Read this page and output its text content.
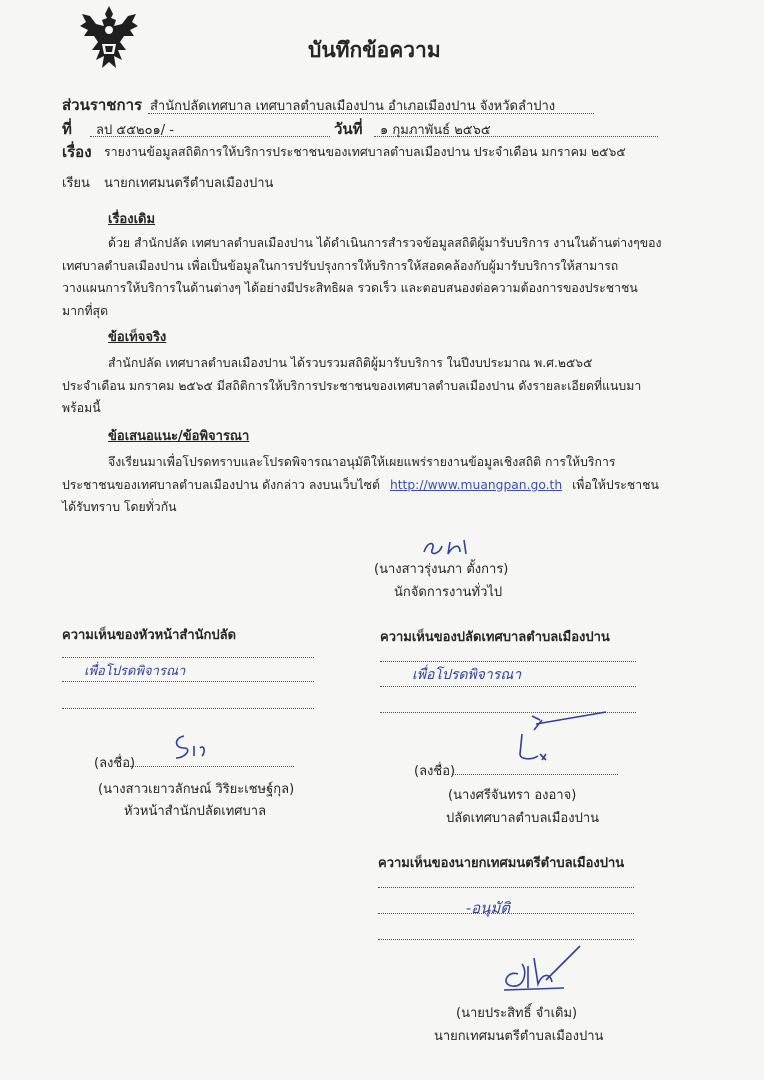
บันทึกข้อความ
ส่วนราชการ สำนักปลัดเทศบาล เทศบาลตำบลเมืองปาน อำเภอเมืองปาน จังหวัดลำปาง
ที่ ลป ๕๕๒๐๑/ -	วันที่ ๑ กุมภาพันธ์ ๒๕๖๕
เรื่อง รายงานข้อมูลสถิติการให้บริการประชาชนของเทศบาลตำบลเมืองปาน ประจำเดือน มกราคม ๒๕๖๕
เรียน นายกเทศมนตรีตำบลเมืองปาน
เรื่องเดิม
ด้วย สำนักปลัด เทศบาลตำบลเมืองปาน ได้ดำเนินการสำรวจข้อมูลสถิติผู้มารับบริการ งานในด้านต่างๆของ
เทศบาลตำบลเมืองปาน เพื่อเป็นข้อมูลในการปรับปรุงการให้บริการให้สอดคล้องกับผู้มารับบริการให้สามารถ
วางแผนการให้บริการในด้านต่างๆ ได้อย่างมีประสิทธิผล รวดเร็ว และตอบสนองต่อความต้องการของประชาชน
มากที่สุด
ข้อเท็จจริง
สำนักปลัด เทศบาลตำบลเมืองปาน ได้รวบรวมสถิติผู้มารับบริการ ในปีงบประมาณ พ.ศ.๒๕๖๕
ประจำเดือน มกราคม ๒๕๖๕ มีสถิติการให้บริการประชาชนของเทศบาลตำบลเมืองปาน ดังรายละเอียดที่แนบมา
พร้อมนี้
ข้อเสนอแนะ/ข้อพิจารณา
จึงเรียนมาเพื่อโปรดทราบและโปรดพิจารณาอนุมัติให้เผยแพร่รายงานข้อมูลเชิงสถิติ การให้บริการ
ประชาชนของเทศบาลตำบลเมืองปาน ดังกล่าว ลงบนเว็บไซต์ http://www.muangpan.go.th เพื่อให้ประชาชน
ได้รับทราบ โดยทั่วกัน
(นางสาวรุ่งนภา ตั้งการ)
นักจัดการงานทั่วไป
ความเห็นของหัวหน้าสำนักปลัด
เพื่อโปรดพิจารณา
(ลงชื่อ)
(นางสาวเยาวลักษณ์ วิริยะเชษฐ์กุล)
หัวหน้าสำนักปลัดเทศบาล
ความเห็นของปลัดเทศบาลตำบลเมืองปาน
เพื่อโปรดพิจารณา
(ลงชื่อ)
(นางศรีจันทรา องอาจ)
ปลัดเทศบาลตำบลเมืองปาน
ความเห็นของนายกเทศมนตรีตำบลเมืองปาน
-อนุมัติ
(นายประสิทธิ์ จำเดิม)
นายกเทศมนตรีตำบลเมืองปาน
